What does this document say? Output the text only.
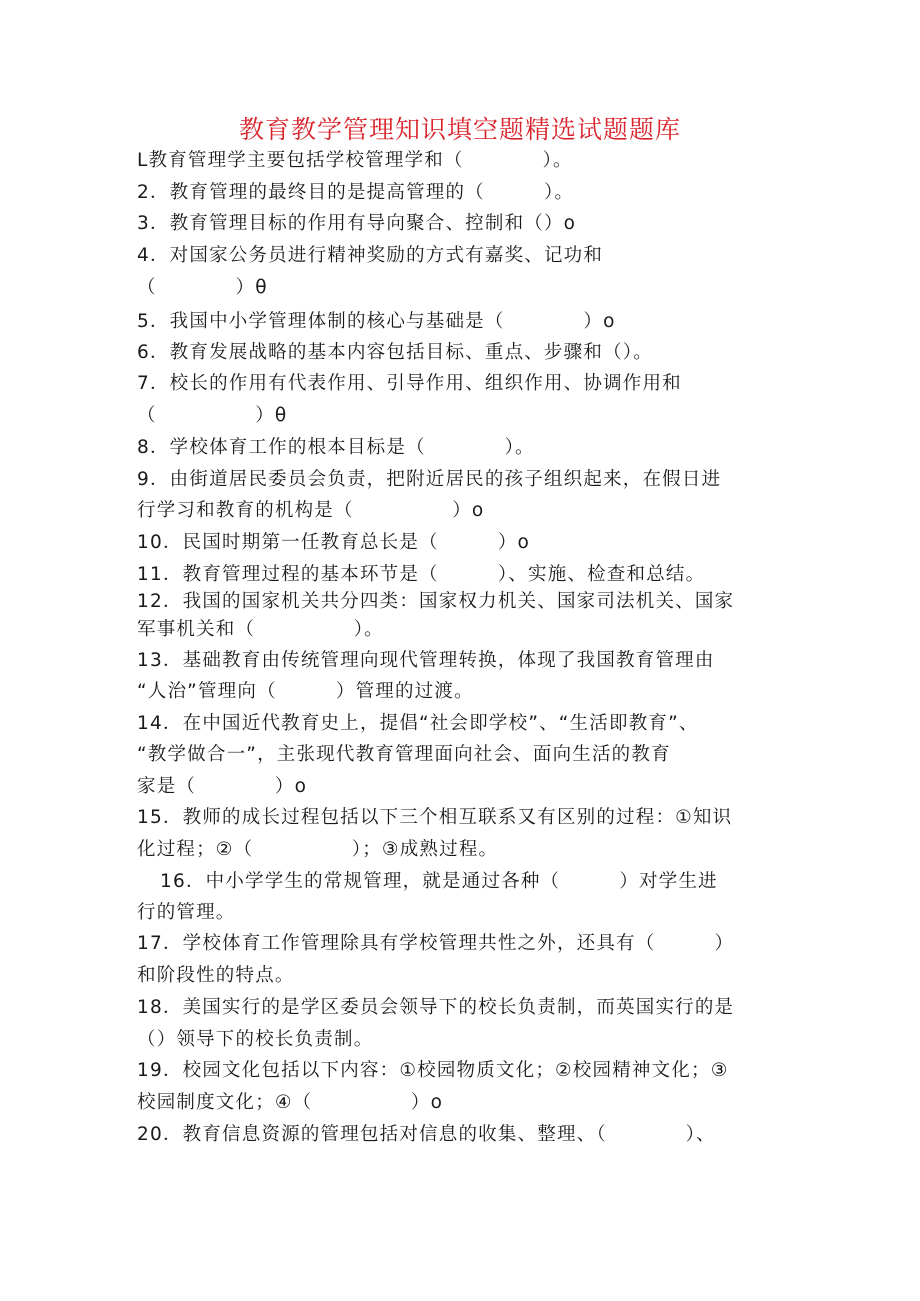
教育教学管理知识填空题精选试题题库
L教育管理学主要包括学校管理学和（　　　　）。
2．教育管理的最终目的是提高管理的（　　　）。
3．教育管理目标的作用有导向聚合、控制和（）o
4．对国家公务员进行精神奖励的方式有嘉奖、记功和
（　　　　）θ
5．我国中小学管理体制的核心与基础是（　　　　）o
6．教育发展战略的基本内容包括目标、重点、步骤和（）。
7．校长的作用有代表作用、引导作用、组织作用、协调作用和
（　　　　　）θ
8．学校体育工作的根本目标是（　　　　）。
9．由街道居民委员会负责，把附近居民的孩子组织起来，在假日进
行学习和教育的机构是（　　　　　）o
10．民国时期第一任教育总长是（　　　）o
11．教育管理过程的基本环节是（　　　）、实施、检查和总结。
12．我国的国家机关共分四类：国家权力机关、国家司法机关、国家
军事机关和（　　　　　）。
13．基础教育由传统管理向现代管理转换，体现了我国教育管理由
“人治”管理向（　　　）管理的过渡。
14．在中国近代教育史上，提倡“社会即学校”、“生活即教育”、
“教学做合一”，主张现代教育管理面向社会、面向生活的教育
家是（　　　　）o
15．教师的成长过程包括以下三个相互联系又有区别的过程：①知识
化过程；②（　　　　　）；③成熟过程。
16．中小学学生的常规管理，就是通过各种（　　　）对学生进
行的管理。
17．学校体育工作管理除具有学校管理共性之外，还具有（　　　）
和阶段性的特点。
18．美国实行的是学区委员会领导下的校长负责制，而英国实行的是
（）领导下的校长负责制。
19．校园文化包括以下内容：①校园物质文化；②校园精神文化；③
校园制度文化；④（　　　　　）o
20．教育信息资源的管理包括对信息的收集、整理、（　　　　）、
